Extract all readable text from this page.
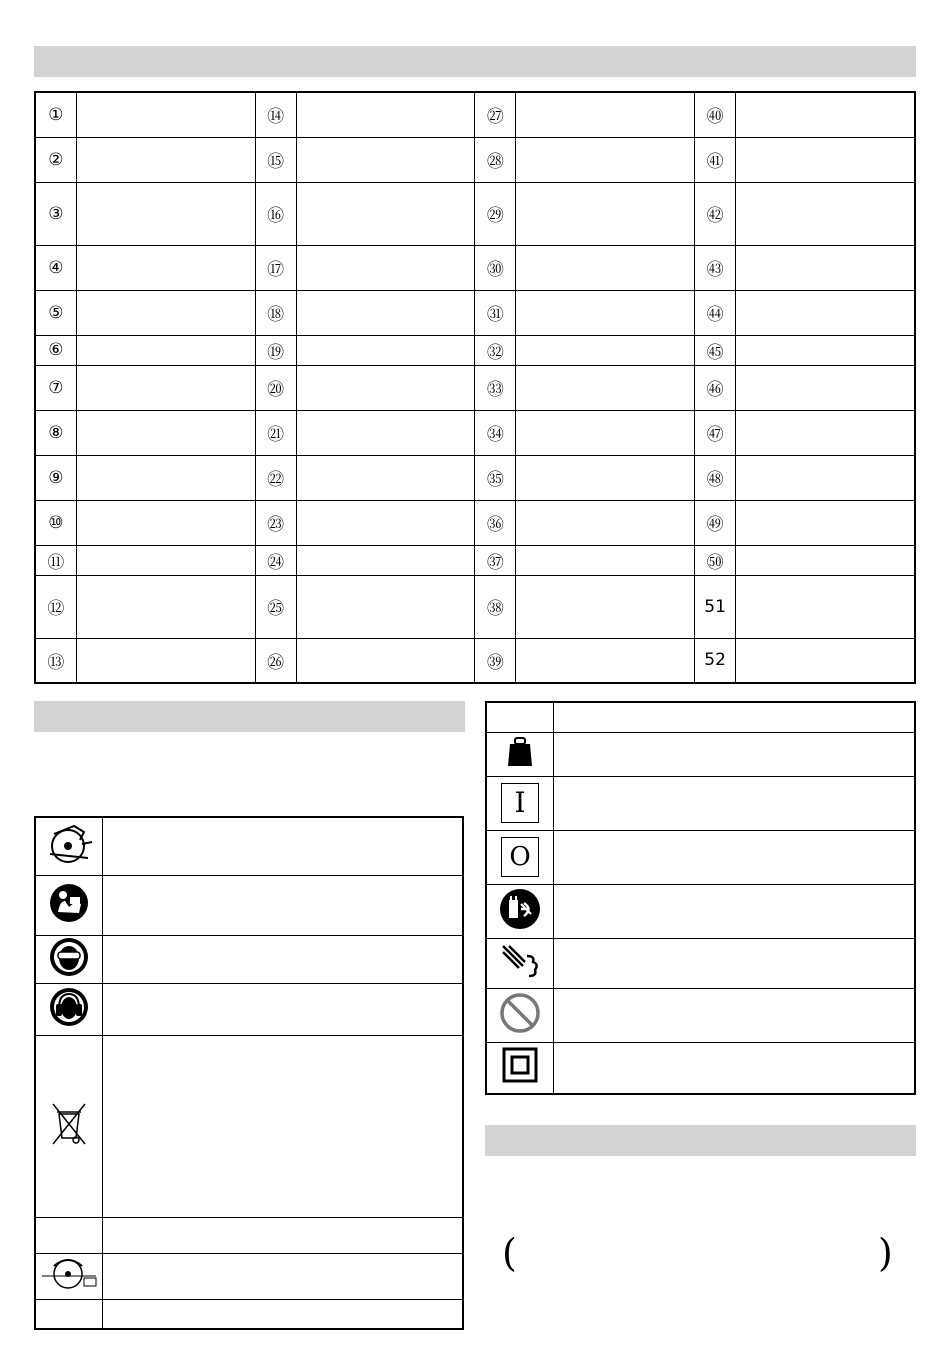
①		⑭		㉗		㊵	
②		⑮		㉘		㊶	
③		⑯		㉙		㊷	
④		⑰		㉚		㊸	
⑤		⑱		㉛		㊹	
⑥		⑲		㉜		㊺	
⑦		⑳		㉝		㊻	
⑧		㉑		㉞		㊼	
⑨		㉒		㉟		㊽	
⑩		㉓		㊱		㊾	
⑪		㉔		㊲		㊿	
⑫		㉕		㊳		51	
⑬		㉖		㊴		52	

I	
O	

(	)
